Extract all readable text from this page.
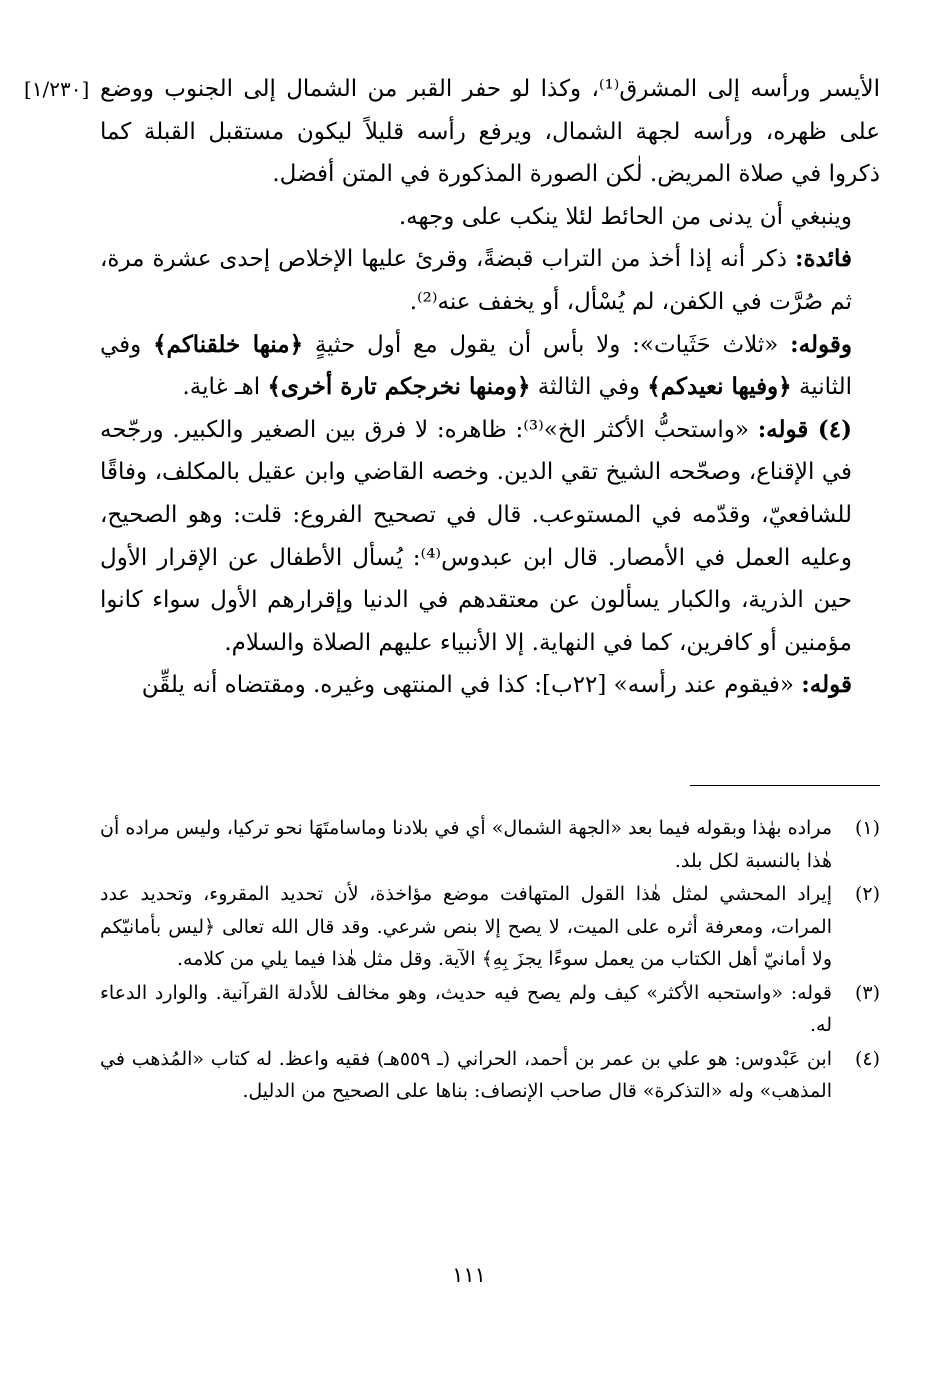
[١/٢٣٠] الأيسر ورأسه إلى المشرق⁽¹⁾، وكذا لو حفر القبر من الشمال إلى الجنوب ووضع على ظهره، ورأسه لجهة الشمال، ويرفع رأسه قليلاً ليكون مستقبل القبلة كما ذكروا في صلاة المريض. لٰكن الصورة المذكورة في المتن أفضل.

وينبغي أن يدنى من الحائط لئلا ينكب على وجهه.

فائدة: ذكر أنه إذا أخذ من التراب قبضةً، وقرئ عليها الإخلاص إحدى عشرة مرة، ثم صُرَّت في الكفن، لم يُسْأل، أو يخفف عنه⁽²⁾.

وقوله: «ثلاث حَثَيات»: ولا بأس أن يقول مع أول حثيةٍ ﴿منها خلقناكم﴾ وفي الثانية ﴿وفيها نعيدكم﴾ وفي الثالثة ﴿ومنها نخرجكم تارة أخرى﴾ اهـ غاية.

(٤) قوله: «واستحبُّ الأكثر الخ»⁽³⁾: ظاهره: لا فرق بين الصغير والكبير. ورجّحه في الإقناع، وصحّحه الشيخ تقي الدين. وخصه القاضي وابن عقيل بالمكلف، وفاقًا للشافعيّ، وقدّمه في المستوعب. قال في تصحيح الفروع: قلت: وهو الصحيح، وعليه العمل في الأمصار. قال ابن عبدوس⁽⁴⁾: يُسأل الأطفال عن الإقرار الأول حين الذرية، والكبار يسألون عن معتقدهم في الدنيا وإقرارهم الأول سواء كانوا مؤمنين أو كافرين، كما في النهاية. إلا الأنبياء عليهم الصلاة والسلام.

قوله: «فيقوم عند رأسه» [٢٢ب]: كذا في المنتهى وغيره. ومقتضاه أنه يلقِّن

(١)
مراده بهٰذا وبقوله فيما بعد «الجهة الشمال» أي في بلادنا وماسامتَهَا نحو تركيا، وليس مراده أن هٰذا بالنسبة لكل بلد.
(٢)
إيراد المحشي لمثل هٰذا القول المتهافت موضع مؤاخذة، لأن تحديد المقروء، وتحديد عدد المرات، ومعرفة أثره على الميت، لا يصح إلا بنص شرعي. وقد قال الله تعالى ﴿ليس بأمانيّكم ولا أمانيّ أهل الكتاب من يعمل سوءًا يجزَ بِهِ﴾ الآية. وقل مثل هٰذا فيما يلي من كلامه.
(٣)
قوله: «واستحبه الأكثر» كيف ولم يصح فيه حديث، وهو مخالف للأدلة القرآنية. والوارد الدعاء له.
(٤)
ابن عَبْدوس: هو علي بن عمر بن أحمد، الحراني (ـ ٥٥٩هـ) فقيه واعظ. له كتاب «المُذهب في المذهب» وله «التذكرة» قال صاحب الإنصاف: بناها على الصحيح من الدليل.
١١١
